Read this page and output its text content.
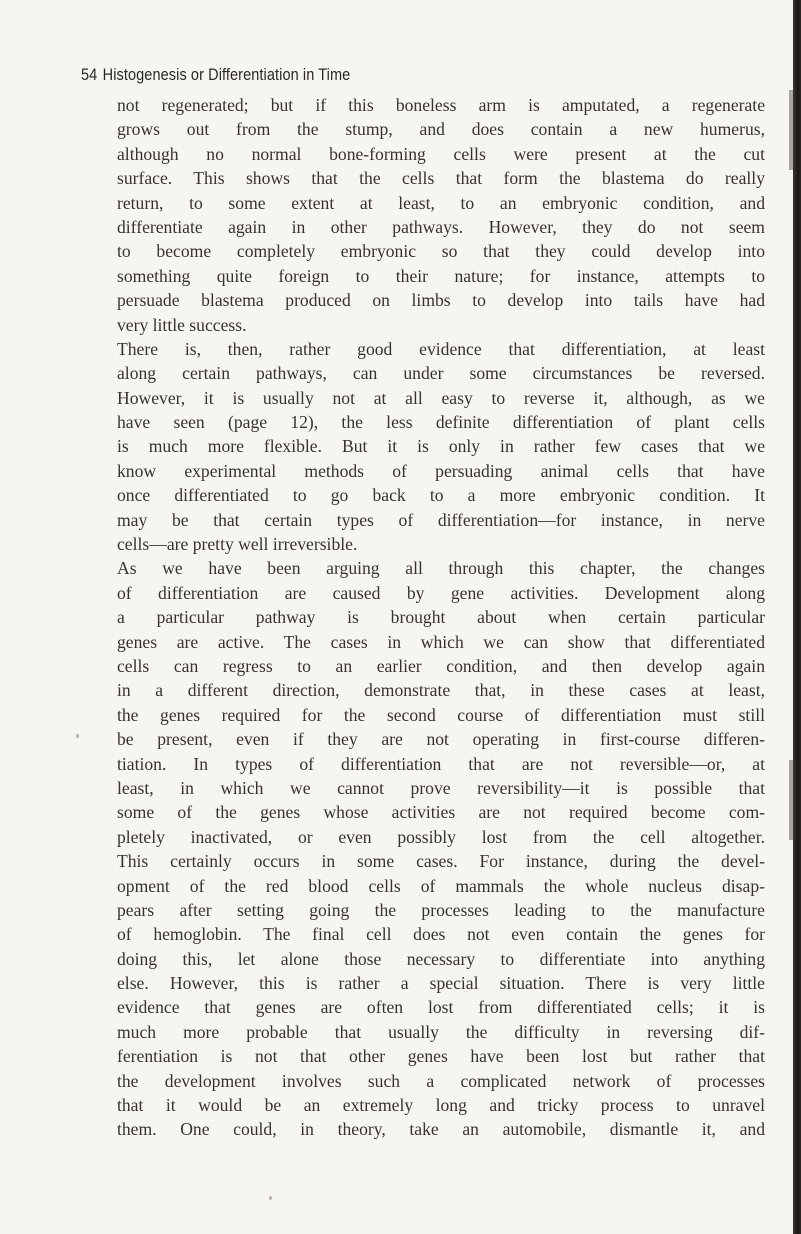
54 Histogenesis or Differentiation in Time
not regenerated; but if this boneless arm is amputated, a regenerate
grows out from the stump, and does contain a new humerus,
although no normal bone-forming cells were present at the cut
surface. This shows that the cells that form the blastema do really
return, to some extent at least, to an embryonic condition, and
differentiate again in other pathways. However, they do not seem
to become completely embryonic so that they could develop into
something quite foreign to their nature; for instance, attempts to
persuade blastema produced on limbs to develop into tails have had
very little success.
There is, then, rather good evidence that differentiation, at least
along certain pathways, can under some circumstances be reversed.
However, it is usually not at all easy to reverse it, although, as we
have seen (page 12), the less definite differentiation of plant cells
is much more flexible. But it is only in rather few cases that we
know experimental methods of persuading animal cells that have
once differentiated to go back to a more embryonic condition. It
may be that certain types of differentiation—for instance, in nerve
cells—are pretty well irreversible.
As we have been arguing all through this chapter, the changes
of differentiation are caused by gene activities. Development along
a particular pathway is brought about when certain particular
genes are active. The cases in which we can show that differentiated
cells can regress to an earlier condition, and then develop again
in a different direction, demonstrate that, in these cases at least,
the genes required for the second course of differentiation must still
be present, even if they are not operating in first-course differen-
tiation. In types of differentiation that are not reversible—or, at
least, in which we cannot prove reversibility—it is possible that
some of the genes whose activities are not required become com-
pletely inactivated, or even possibly lost from the cell altogether.
This certainly occurs in some cases. For instance, during the devel-
opment of the red blood cells of mammals the whole nucleus disap-
pears after setting going the processes leading to the manufacture
of hemoglobin. The final cell does not even contain the genes for
doing this, let alone those necessary to differentiate into anything
else. However, this is rather a special situation. There is very little
evidence that genes are often lost from differentiated cells; it is
much more probable that usually the difficulty in reversing dif-
ferentiation is not that other genes have been lost but rather that
the development involves such a complicated network of processes
that it would be an extremely long and tricky process to unravel
them. One could, in theory, take an automobile, dismantle it, and
